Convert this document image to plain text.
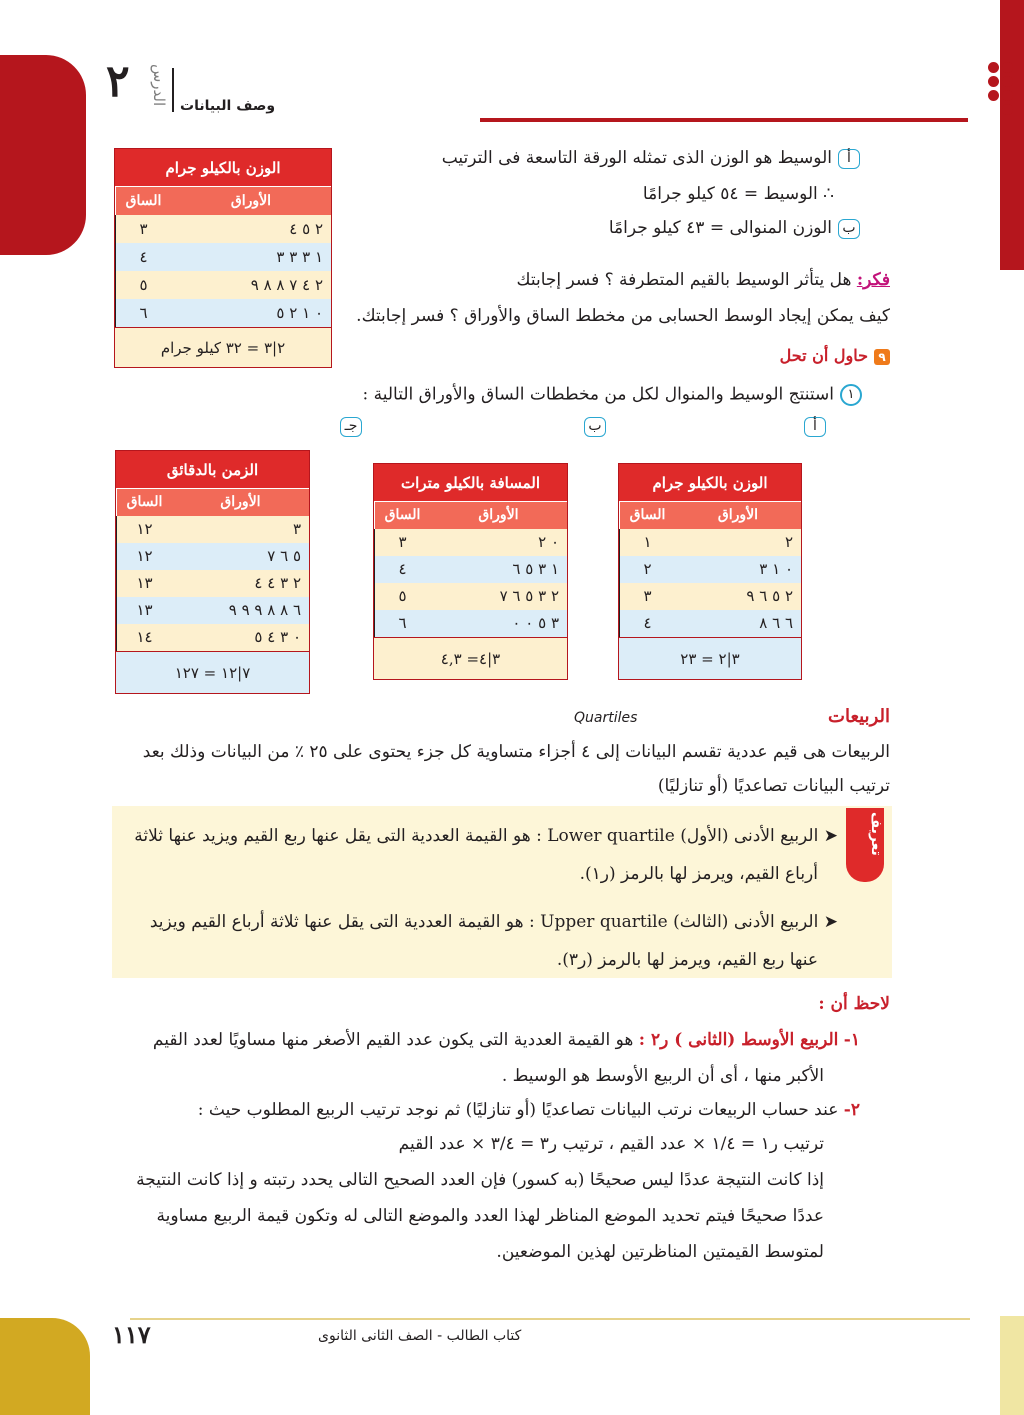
٢ الدرس وصف البيانات
أالوسيط هو الوزن الذى تمثله الورقة التاسعة فى الترتيب
∴ الوسيط = ٥٤ كيلو جرامًا
بالوزن المنوالى = ٤٣ كيلو جرامًا
فكر: هل يتأثر الوسيط بالقيم المتطرفة ؟ فسر إجابتك
كيف يمكن إيجاد الوسط الحسابى من مخطط الساق والأوراق ؟ فسر إجابتك.
الوزن بالكيلو جرام
الأوراق
الساق
٢ ٥ ٤
٣
١ ٣ ٣ ٣
٤
٢ ٤ ٧ ٨ ٨ ٩
٥
٠ ١ ٢ ٥
٦
٢|٣ = ٣٢ كيلو جرام	٩حاول أن تحل
١استنتج الوسيط والمنوال لكل من مخططات الساق والأوراق التالية :
أ
ب
جـ
الوزن بالكيلو جرام
الأوراق
الساق
٢
١
٠ ١ ٣
٢
٢ ٥ ٦ ٩
٣
٦ ٦ ٨
٤
٣|٢ = ٢٣
المسافة بالكيلو مترات
الأوراق
الساق
٠ ٢
٣
١ ٣ ٥ ٦
٤
٢ ٣ ٥ ٦ ٧
٥
٣ ٥ ٠ ٠
٦
٣|٤= ٤,٣
الزمن بالدقائق
الأوراق
الساق
٣
١٢
٥ ٦ ٧
١٢
٢ ٣ ٤ ٤
١٣
٦ ٨ ٨ ٩ ٩ ٩
١٣
٠ ٣ ٤ ٥
١٤
٧|١٢ = ١٢٧
الربيعات
Quartiles
الربيعات هى قيم عددية تقسم البيانات إلى ٤ أجزاء متساوية كل جزء يحتوى على ٢٥ ٪ من البيانات وذلك بعد
ترتيب البيانات تصاعديًا (أو تنازليًا)
تعريف
➤ الربيع الأدنى (الأول) Lower quartile : هو القيمة العددية التى يقل عنها ربع القيم ويزيد عنها ثلاثة
أرباع القيم، ويرمز لها بالرمز (ر١).
➤ الربيع الأدنى (الثالث) Upper quartile : هو القيمة العددية التى يقل عنها ثلاثة أرباع القيم ويزيد
عنها ربع القيم، ويرمز لها بالرمز (ر٣).
لاحظ أن :
١- الربيع الأوسط (الثانى ) ر٢ : هو القيمة العددية التى يكون عدد القيم الأصغر منها مساويًا لعدد القيم
الأكبر منها ، أى أن الربيع الأوسط هو الوسيط .
٢- عند حساب الربيعات نرتب البيانات تصاعديًا (أو تنازليًا) ثم نوجد ترتيب الربيع المطلوب حيث :
ترتيب ر١ = ١/٤ × عدد القيم ، ترتيب ر٣ = ٣/٤ × عدد القيم
إذا كانت النتيجة عددًا ليس صحيحًا (به كسور) فإن العدد الصحيح التالى يحدد رتبته و إذا كانت النتيجة
عددًا صحيحًا فيتم تحديد الموضع المناظر لهذا العدد والموضع التالى له وتكون قيمة الربيع مساوية
لمتوسط القيمتين المناظرتين لهذين الموضعين.
١١٧	كتاب الطالب - الصف الثانى الثانوى
